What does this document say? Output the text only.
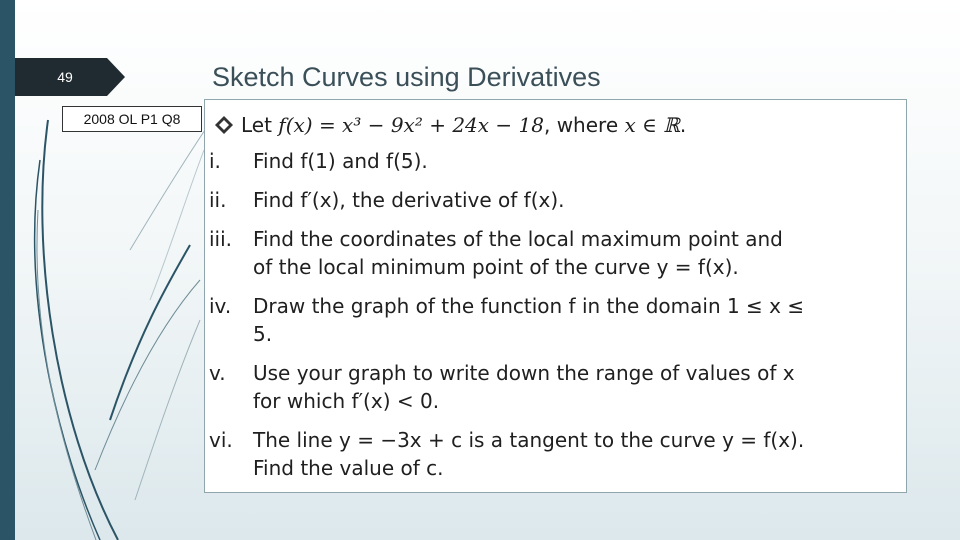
49	Sketch Curves using Derivatives
2008 OL P1 Q8	Let f(x) = x³ − 9x² + 24x − 18, where x ∈ ℝ.
i. Find f(1) and f(5).
ii. Find f′(x), the derivative of f(x).
iii. Find the coordinates of the local maximum point and
of the local minimum point of the curve y = f(x).
iv. Draw the graph of the function f in the domain 1 ≤ x ≤
5.
v. Use your graph to write down the range of values of x
for which f′(x) < 0.
vi. The line y = −3x + c is a tangent to the curve y = f(x).
Find the value of c.
